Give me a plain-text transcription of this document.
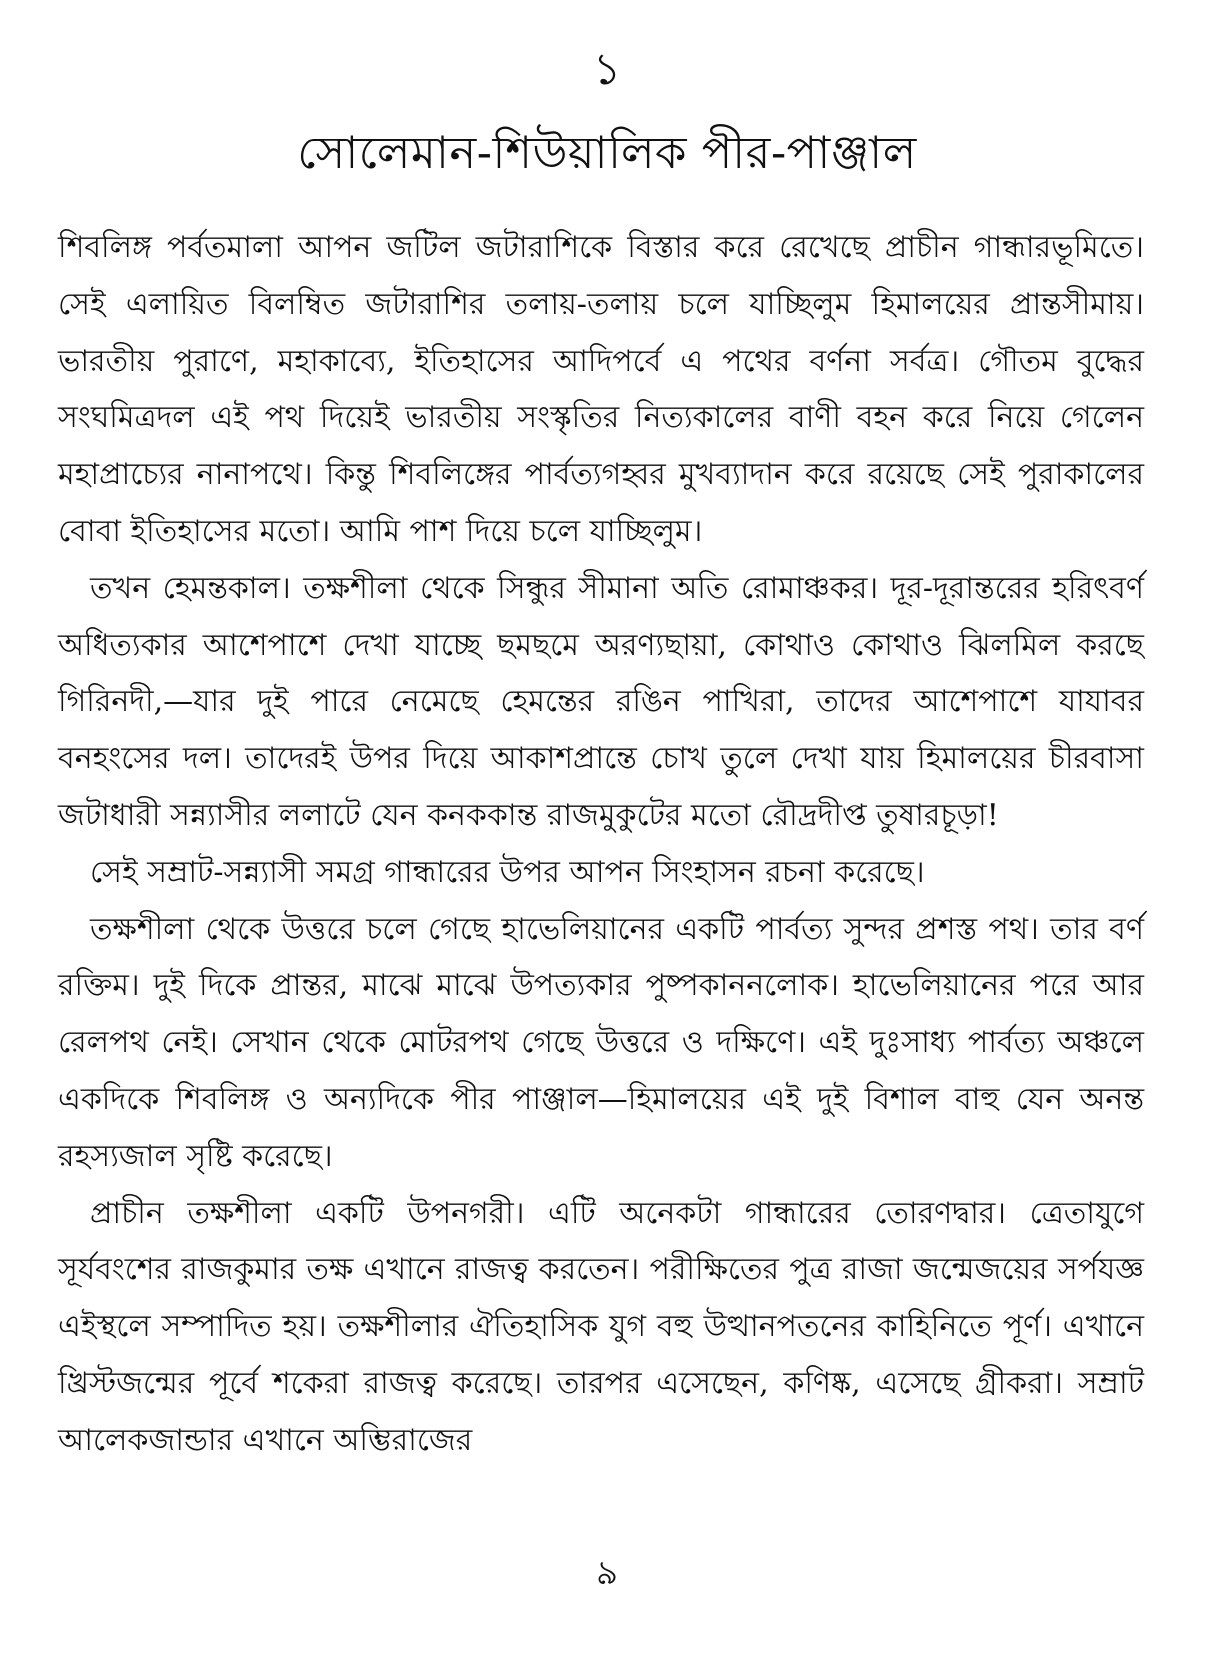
১
সোলেমান-শিউয়ালিক পীর-পাঞ্জাল

শিবলিঙ্গ পর্বতমালা আপন জটিল জটারাশিকে বিস্তার করে রেখেছে প্রাচীন গান্ধারভূমিতে। সেই এলায়িত বিলম্বিত জটারাশির তলায়-তলায় চলে যাচ্ছিলুম হিমালয়ের প্রান্তসীমায়। ভারতীয় পুরাণে, মহাকাব্যে, ইতিহাসের আদিপর্বে এ পথের বর্ণনা সর্বত্র। গৌতম বুদ্ধের সংঘমিত্রদল এই পথ দিয়েই ভারতীয় সংস্কৃতির নিত্যকালের বাণী বহন করে নিয়ে গেলেন মহাপ্রাচ্যের নানাপথে। কিন্তু শিবলিঙ্গের পার্বত্যগহ্বর মুখব্যাদান করে রয়েছে সেই পুরাকালের বোবা ইতিহাসের মতো। আমি পাশ দিয়ে চলে যাচ্ছিলুম।

তখন হেমন্তকাল। তক্ষশীলা থেকে সিন্ধুর সীমানা অতি রোমাঞ্চকর। দূর-দূরান্তরের হরিৎবর্ণ অধিত্যকার আশেপাশে দেখা যাচ্ছে ছমছমে অরণ্যছায়া, কোথাও কোথাও ঝিলমিল করছে গিরিনদী,—যার দুই পারে নেমেছে হেমন্তের রঙিন পাখিরা, তাদের আশেপাশে যাযাবর বনহংসের দল। তাদেরই উপর দিয়ে আকাশপ্রান্তে চোখ তুলে দেখা যায় হিমালয়ের চীরবাসা জটাধারী সন্ন্যাসীর ললাটে যেন কনককান্ত রাজমুকুটের মতো রৌদ্রদীপ্ত তুষারচূড়া!

সেই সম্রাট-সন্ন্যাসী সমগ্র গান্ধারের উপর আপন সিংহাসন রচনা করেছে।

তক্ষশীলা থেকে উত্তরে চলে গেছে হাভেলিয়ানের একটি পার্বত্য সুন্দর প্রশস্ত পথ। তার বর্ণ রক্তিম। দুই দিকে প্রান্তর, মাঝে মাঝে উপত্যকার পুষ্পকাননলোক। হাভেলিয়ানের পরে আর রেলপথ নেই। সেখান থেকে মোটরপথ গেছে উত্তরে ও দক্ষিণে। এই দুঃসাধ্য পার্বত্য অঞ্চলে একদিকে শিবলিঙ্গ ও অন্যদিকে পীর পাঞ্জাল—হিমালয়ের এই দুই বিশাল বাহু যেন অনন্ত রহস্যজাল সৃষ্টি করেছে।

প্রাচীন তক্ষশীলা একটি উপনগরী। এটি অনেকটা গান্ধারের তোরণদ্বার। ত্রেতাযুগে সূর্যবংশের রাজকুমার তক্ষ এখানে রাজত্ব করতেন। পরীক্ষিতের পুত্র রাজা জন্মেজয়ের সর্পযজ্ঞ এইস্থলে সম্পাদিত হয়। তক্ষশীলার ঐতিহাসিক যুগ বহু উত্থানপতনের কাহিনিতে পূর্ণ। এখানে খ্রিস্টজন্মের পূর্বে শকেরা রাজত্ব করেছে। তারপর এসেছেন, কণিষ্ক, এসেছে গ্রীকরা। সম্রাট আলেকজান্ডার এখানে অম্ভিরাজের

৯
